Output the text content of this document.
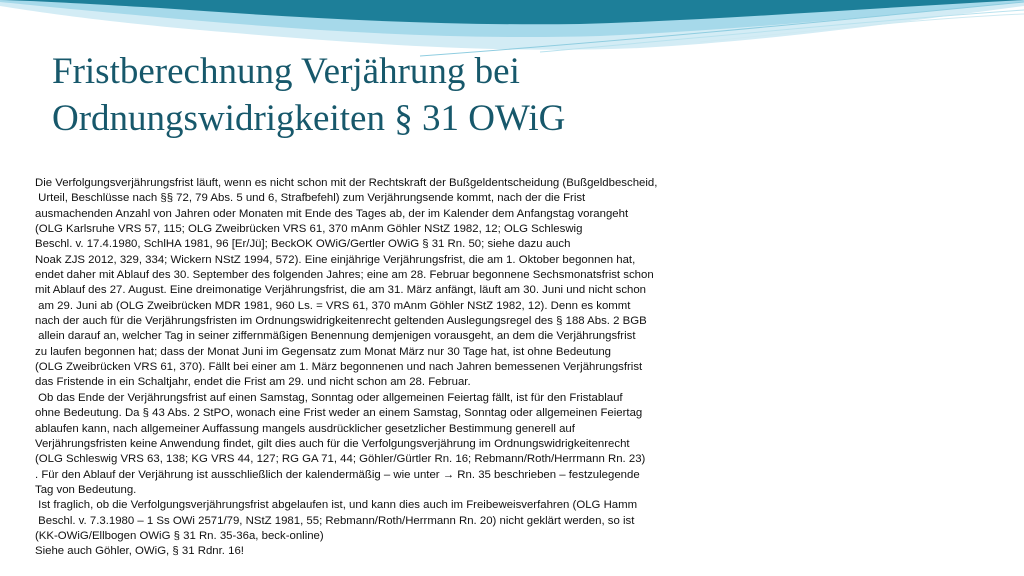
Fristberechnung Verjährung bei
Ordnungswidrigkeiten § 31 OWiG
Die Verfolgungsverjährungsfrist läuft, wenn es nicht schon mit der Rechtskraft der Bußgeldentscheidung (Bußgeldbescheid,
Urteil, Beschlüsse nach §§ 72, 79 Abs. 5 und 6, Strafbefehl) zum Verjährungsende kommt, nach der die Frist
ausmachenden Anzahl von Jahren oder Monaten mit Ende des Tages ab, der im Kalender dem Anfangstag vorangeht
(OLG Karlsruhe VRS 57, 115; OLG Zweibrücken VRS 61, 370 mAnm Göhler NStZ 1982, 12; OLG Schleswig
Beschl. v. 17.4.1980, SchlHA 1981, 96 [Er/Jü]; BeckOK OWiG/Gertler OWiG § 31 Rn. 50; siehe dazu auch
Noak ZJS 2012, 329, 334; Wickern NStZ 1994, 572). Eine einjährige Verjährungsfrist, die am 1. Oktober begonnen hat,
endet daher mit Ablauf des 30. September des folgenden Jahres; eine am 28. Februar begonnene Sechsmonatsfrist schon
mit Ablauf des 27. August. Eine dreimonatige Verjährungsfrist, die am 31. März anfängt, läuft am 30. Juni und nicht schon
am 29. Juni ab (OLG Zweibrücken MDR 1981, 960 Ls. = VRS 61, 370 mAnm Göhler NStZ 1982, 12). Denn es kommt
nach der auch für die Verjährungsfristen im Ordnungswidrigkeitenrecht geltenden Auslegungsregel des § 188 Abs. 2 BGB
allein darauf an, welcher Tag in seiner ziffernmäßigen Benennung demjenigen vorausgeht, an dem die Verjährungsfrist
zu laufen begonnen hat; dass der Monat Juni im Gegensatz zum Monat März nur 30 Tage hat, ist ohne Bedeutung
(OLG Zweibrücken VRS 61, 370). Fällt bei einer am 1. März begonnenen und nach Jahren bemessenen Verjährungsfrist
das Fristende in ein Schaltjahr, endet die Frist am 29. und nicht schon am 28. Februar.
Ob das Ende der Verjährungsfrist auf einen Samstag, Sonntag oder allgemeinen Feiertag fällt, ist für den Fristablauf
ohne Bedeutung. Da § 43 Abs. 2 StPO, wonach eine Frist weder an einem Samstag, Sonntag oder allgemeinen Feiertag
ablaufen kann, nach allgemeiner Auffassung mangels ausdrücklicher gesetzlicher Bestimmung generell auf
Verjährungsfristen keine Anwendung findet, gilt dies auch für die Verfolgungsverjährung im Ordnungswidrigkeitenrecht
(OLG Schleswig VRS 63, 138; KG VRS 44, 127; RG GA 71, 44; Göhler/Gürtler Rn. 16; Rebmann/Roth/Herrmann Rn. 23)
. Für den Ablauf der Verjährung ist ausschließlich der kalendermäßig – wie unter → Rn. 35 beschrieben – festzulegende
Tag von Bedeutung.
Ist fraglich, ob die Verfolgungsverjährungsfrist abgelaufen ist, und kann dies auch im Freibeweisverfahren (OLG Hamm
Beschl. v. 7.3.1980 – 1 Ss OWi 2571/79, NStZ 1981, 55; Rebmann/Roth/Herrmann Rn. 20) nicht geklärt werden, so ist
(KK-OWiG/Ellbogen OWiG § 31 Rn. 35-36a, beck-online)
Siehe auch Göhler, OWiG, § 31 Rdnr. 16!
